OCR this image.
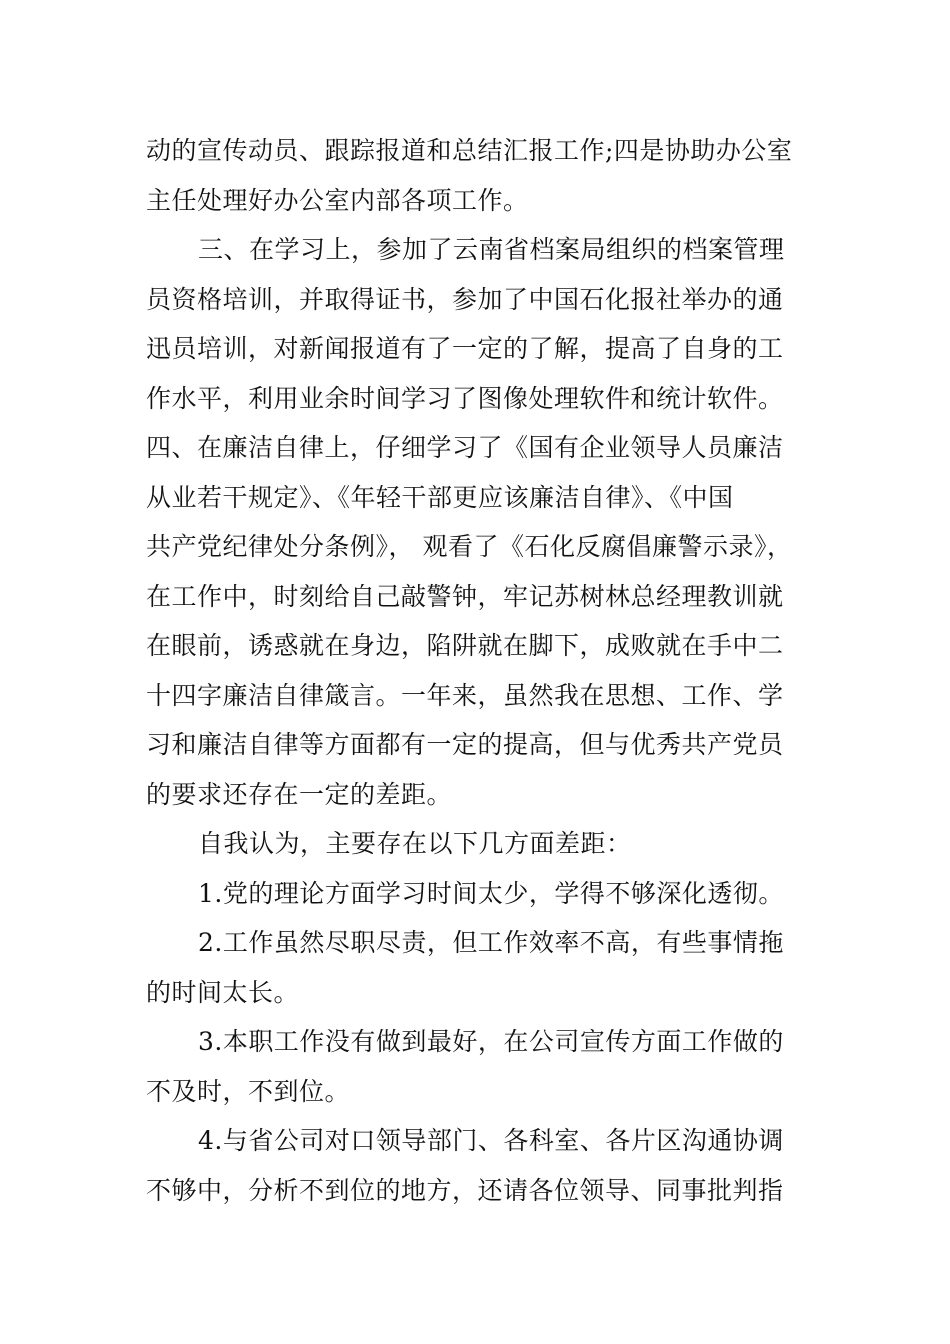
动的宣传动员、跟踪报道和总结汇报工作;四是协助办公室
主任处理好办公室内部各项工作。
三、在学习上，参加了云南省档案局组织的档案管理
员资格培训，并取得证书，参加了中国石化报社举办的通
迅员培训，对新闻报道有了一定的了解，提高了自身的工
作水平，利用业余时间学习了图像处理软件和统计软件。
四、在廉洁自律上，仔细学习了《国有企业领导人员廉洁
从业若干规定》、《年轻干部更应该廉洁自律》、《中国
共产党纪律处分条例》， 观看了《石化反腐倡廉警示录》，
在工作中，时刻给自己敲警钟，牢记苏树林总经理教训就
在眼前，诱惑就在身边，陷阱就在脚下，成败就在手中二
十四字廉洁自律箴言。一年来，虽然我在思想、工作、学
习和廉洁自律等方面都有一定的提高，但与优秀共产党员
的要求还存在一定的差距。
自我认为，主要存在以下几方面差距：
1.党的理论方面学习时间太少，学得不够深化透彻。
2.工作虽然尽职尽责，但工作效率不高，有些事情拖
的时间太长。
3.本职工作没有做到最好，在公司宣传方面工作做的
不及时，不到位。
4.与省公司对口领导部门、各科室、各片区沟通协调
不够中，分析不到位的地方，还请各位领导、同事批判指
